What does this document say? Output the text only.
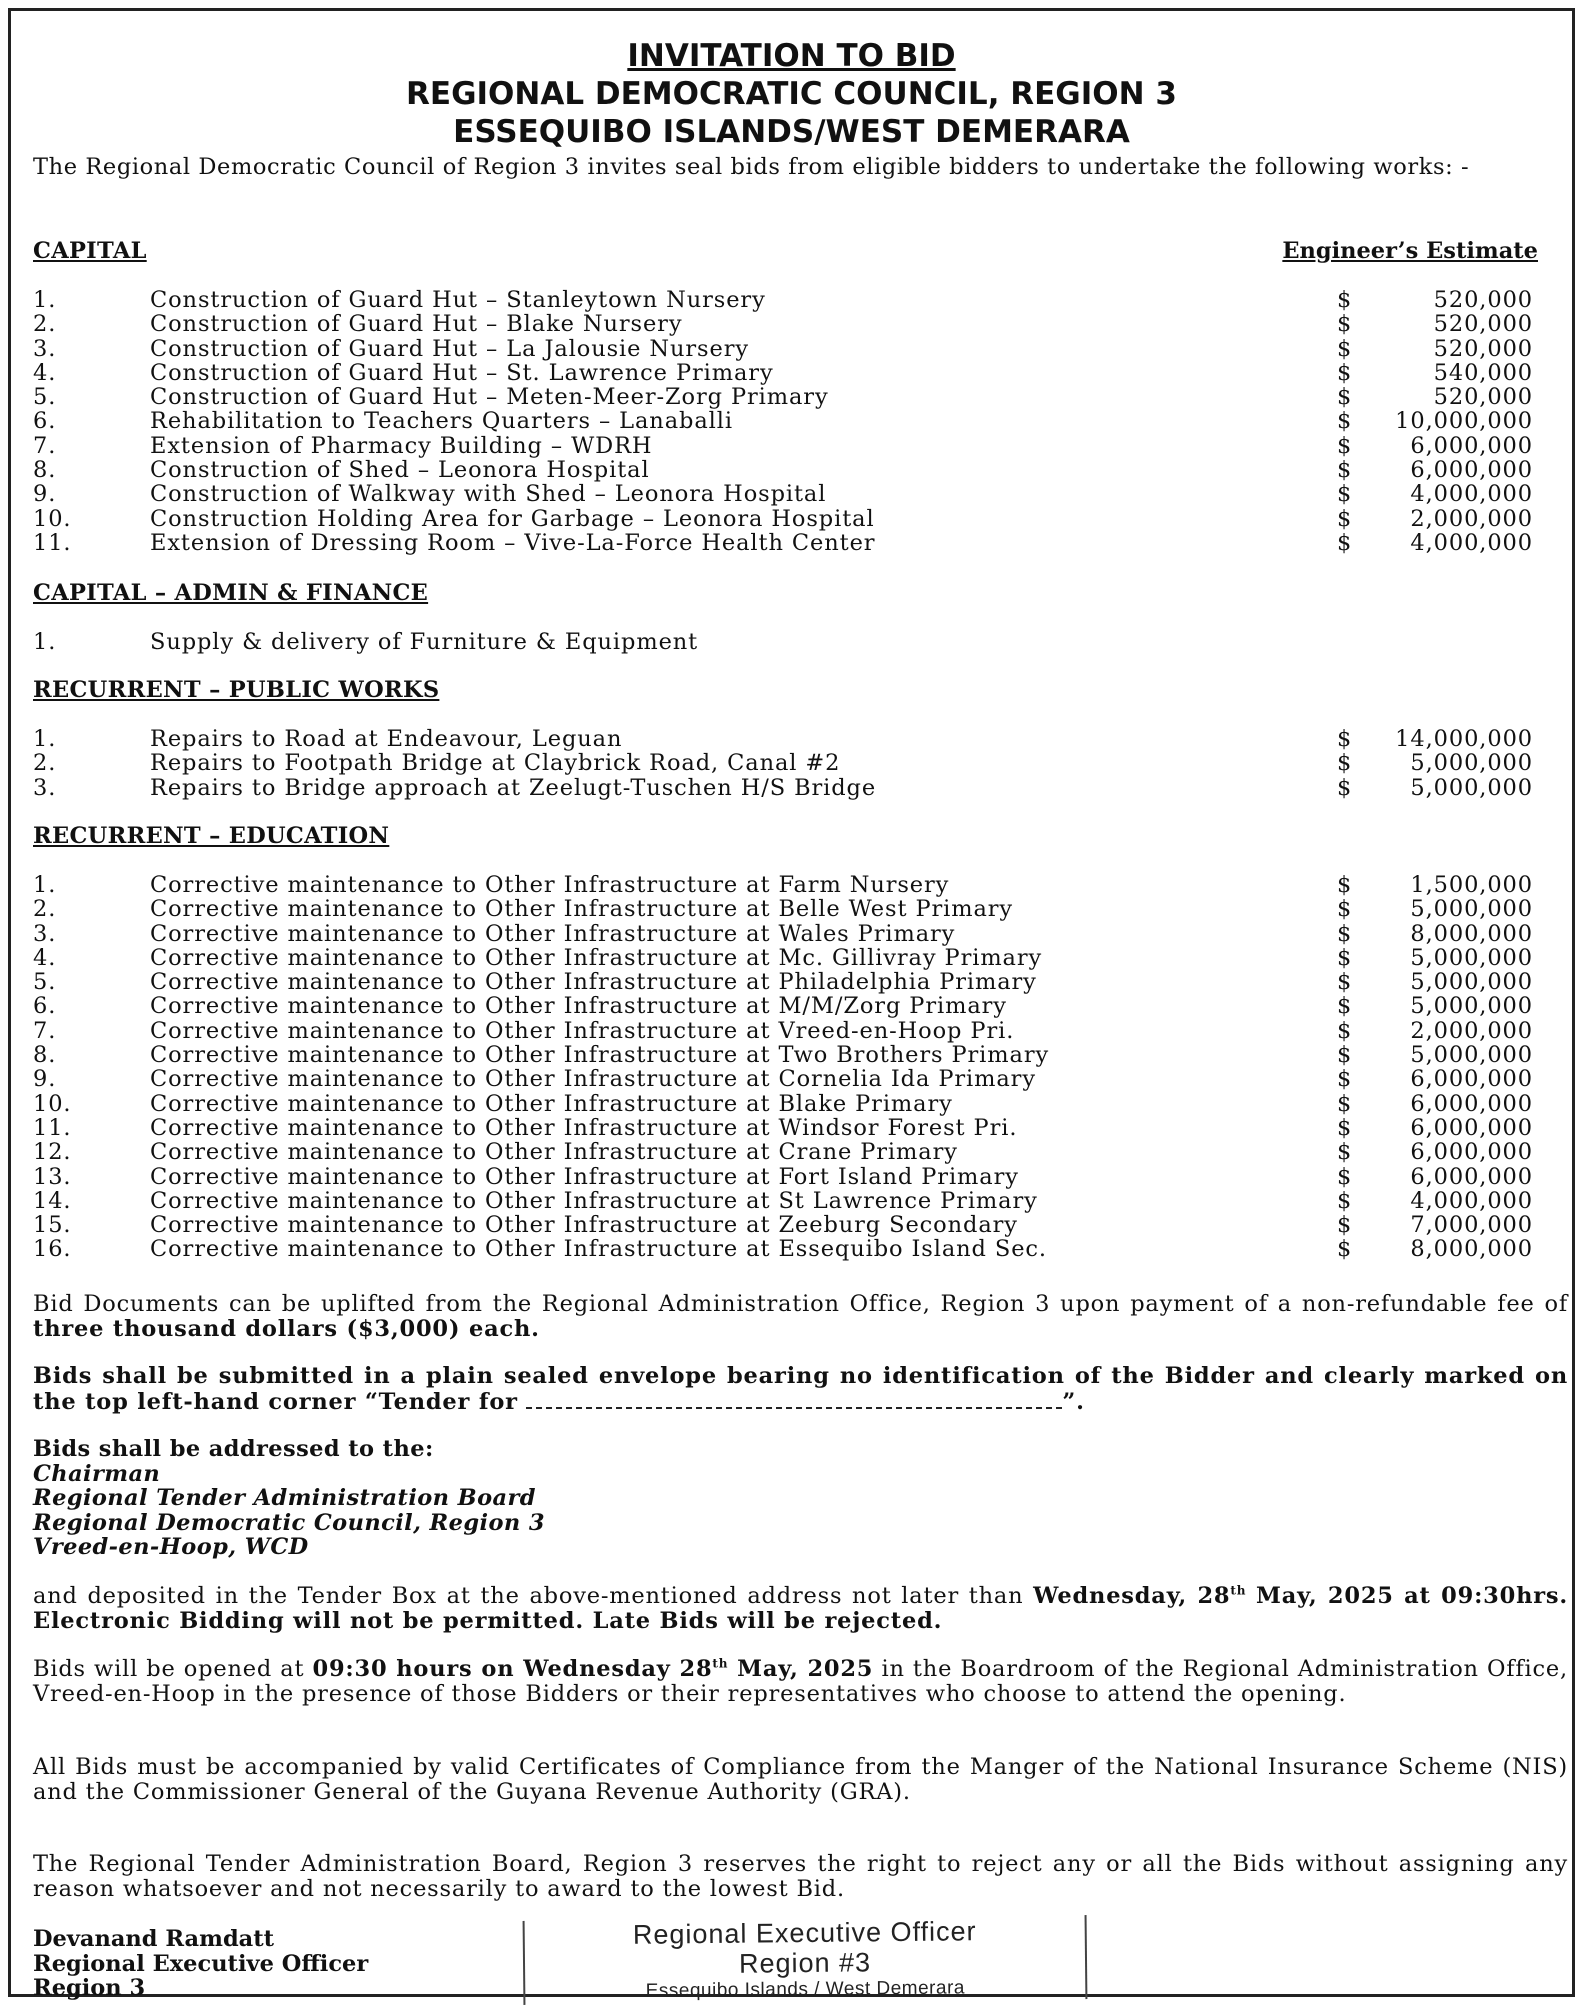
INVITATION TO BID
REGIONAL DEMOCRATIC COUNCIL, REGION 3
ESSEQUIBO ISLANDS/WEST DEMERARA
The Regional Democratic Council of Region 3 invites seal bids from eligible bidders to undertake the following works: -
CAPITAL	Engineer’s Estimate
1.	Construction of Guard Hut – Stanleytown Nursery	$	520,000
2.	Construction of Guard Hut – Blake Nursery	$	520,000
3.	Construction of Guard Hut – La Jalousie Nursery	$	520,000
4.	Construction of Guard Hut – St. Lawrence Primary	$	540,000
5.	Construction of Guard Hut – Meten-Meer-Zorg Primary	$	520,000
6.	Rehabilitation to Teachers Quarters – Lanaballi	$ 10,000,000
7.	Extension of Pharmacy Building – WDRH	$	6,000,000
8.	Construction of Shed – Leonora Hospital	$	6,000,000
9.	Construction of Walkway with Shed – Leonora Hospital	$	4,000,000
10.	Construction Holding Area for Garbage – Leonora Hospital	$	2,000,000
11.	Extension of Dressing Room – Vive-La-Force Health Center	$	4,000,000
CAPITAL – ADMIN & FINANCE
1.	Supply & delivery of Furniture & Equipment
RECURRENT – PUBLIC WORKS
1.	Repairs to Road at Endeavour, Leguan	$ 14,000,000
2.	Repairs to Footpath Bridge at Claybrick Road, Canal #2	$	5,000,000
3.	Repairs to Bridge approach at Zeelugt-Tuschen H/S Bridge	$	5,000,000
RECURRENT – EDUCATION
1.	Corrective maintenance to Other Infrastructure at Farm Nursery	$	1,500,000
2.	Corrective maintenance to Other Infrastructure at Belle West Primary	$	5,000,000
3.	Corrective maintenance to Other Infrastructure at Wales Primary	$	8,000,000
4.	Corrective maintenance to Other Infrastructure at Mc. Gillivray Primary	$	5,000,000
5.	Corrective maintenance to Other Infrastructure at Philadelphia Primary	$	5,000,000
6.	Corrective maintenance to Other Infrastructure at M/M/Zorg Primary	$	5,000,000
7.	Corrective maintenance to Other Infrastructure at Vreed-en-Hoop Pri.	$	2,000,000
8.	Corrective maintenance to Other Infrastructure at Two Brothers Primary	$	5,000,000
9.	Corrective maintenance to Other Infrastructure at Cornelia Ida Primary	$	6,000,000
10.	Corrective maintenance to Other Infrastructure at Blake Primary	$	6,000,000
11.	Corrective maintenance to Other Infrastructure at Windsor Forest Pri.	$	6,000,000
12.	Corrective maintenance to Other Infrastructure at Crane Primary	$	6,000,000
13.	Corrective maintenance to Other Infrastructure at Fort Island Primary	$	6,000,000
14.	Corrective maintenance to Other Infrastructure at St Lawrence Primary	$	4,000,000
15.	Corrective maintenance to Other Infrastructure at Zeeburg Secondary	$	7,000,000
16.	Corrective maintenance to Other Infrastructure at Essequibo Island Sec.	$	8,000,000
Bid Documents can be uplifted from the Regional Administration Office, Region 3 upon payment of a non-refundable fee of three thousand dollars ($3,000) each.
Bids shall be submitted in a plain sealed envelope bearing no identification of the Bidder and clearly marked on the top left-hand corner “Tender for	”.
Bids shall be addressed to the:
Chairman
Regional Tender Administration Board
Regional Democratic Council, Region 3
Vreed-en-Hoop, WCD
and deposited in the Tender Box at the above-mentioned address not later than Wednesday, 28th May, 2025 at 09:30hrs. Electronic Bidding will not be permitted. Late Bids will be rejected.
Bids will be opened at 09:30 hours on Wednesday 28th May, 2025 in the Boardroom of the Regional Administration Office, Vreed-en-Hoop in the presence of those Bidders or their representatives who choose to attend the opening.
All Bids must be accompanied by valid Certificates of Compliance from the Manger of the National Insurance Scheme (NIS) and the Commissioner General of the Guyana Revenue Authority (GRA).
The Regional Tender Administration Board, Region 3 reserves the right to reject any or all the Bids without assigning any reason whatsoever and not necessarily to award to the lowest Bid.
Devanand Ramdatt
Regional Executive Officer
Region 3
Regional Executive Officer
Region #3
Essequibo Islands / West Demerara
